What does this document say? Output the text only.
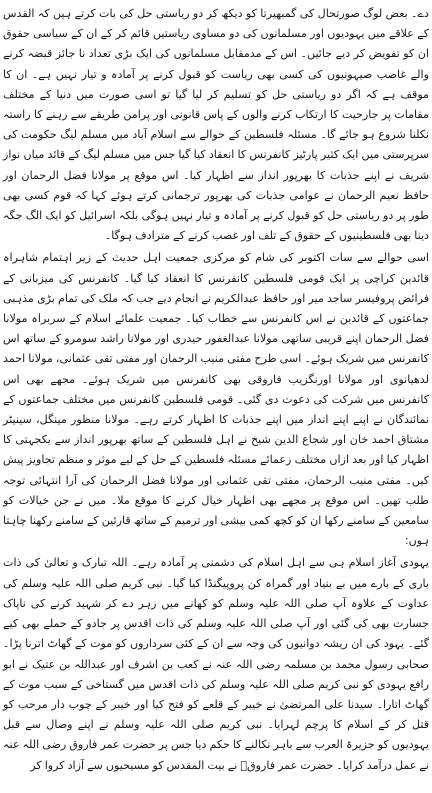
دے۔ بعض لوگ صورتحال کی گمبھیرتا کو دیکھ کر دو ریاستی حل کی بات کرتے ہیں کہ القدس کے علاقے میں یہودیوں اور مسلمانوں کی دو مساوی ریاستیں قائم کر کے ان کے سیاسی حقوق ان کو تفویض کر دیے جائیں۔ اس کے مدمقابل مسلمانوں کی ایک بڑی تعداد نا جائز قبضہ کرنے والے غاصب صیہونیوں کی کسی بھی ریاست کو قبول کرنے پر آمادہ و تیار نہیں ہے۔ ان کا موقف ہے کہ اگر دو ریاستی حل کو تسلیم کر لیا گیا تو اسی صورت میں دنیا کے مختلف مقامات پر جارحیت کا ارتکاب کرنے والوں کے پاس قانونی اور پرامن طریقے سے رہنے کا راستہ نکلنا شروع ہو جائے گا۔ مسئلہ فلسطین کے حوالے سے اسلام آباد میں مسلم لیگ حکومت کی سرپرستی میں ایک کثیر پارٹیز کانفرنس کا انعقاد کیا گیا جس میں مسلم لیگ کے قائد میاں نواز شریف نے اپنے جذبات کا بھرپور انداز سے اظہار کیا۔ اس موقع پر مولانا فضل الرحمان اور حافظ نعیم الرحمان نے عوامی جذبات کی بھرپور ترجمانی کرتے ہوئے کہا کہ قوم کسی بھی طور پر دو ریاستی حل کو قبول کرنے پر آمادہ و تیار نہیں ہوگی بلکہ اسرائیل کو ایک الگ جگہ دینا بھی فلسطینیوں کے حقوق کے تلف اور غصب کرنے کے مترادف ہوگا۔

اسی حوالے سے سات اکتوبر کی شام کو مرکزی جمعیت اہل حدیث کے زیر اہتمام شاہراہ قائدین کراچی پر ایک قومی فلسطین کانفرنس کا انعقاد کیا گیا۔ کانفرنس کی میزبانی کے فرائض پروفیسر ساجد میر اور حافظ عبدالکریم نے انجام دیے جب کہ ملک کی تمام بڑی مذہبی جماعتوں کے قائدین نے اس کانفرنس سے خطاب کیا۔ جمعیت علمائے اسلام کے سربراہ مولانا فضل الرحمان اپنے قریبی ساتھی مولانا عبدالغفور حیدری اور مولانا راشد سومرو کے ساتھ اس کانفرنس میں شریک ہوئے۔ اسی طرح مفتی منیب الرحمان اور مفتی تقی عثمانی، مولانا احمد لدھیانوی اور مولانا اورنگزیب فاروقی بھی کانفرنس میں شریک ہوئے۔ مجھے بھی اس کانفرنس میں شرکت کی دعوت دی گئی۔ قومی فلسطین کانفرنس میں مختلف جماعتوں کے نمائندگان نے اپنے اپنے انداز میں اپنے جذبات کا اظہار کرتے رہے۔ مولانا منظور مینگل، سینیٹر مشتاق احمد خان اور شجاع الدین شیخ نے اہل فلسطین کے ساتھ بھرپور انداز سے یکجہتی کا اظہار کیا اور بعد ازاں مختلف زعمائے مسئلہ فلسطین کے حل کے لیے موثر و منظم تجاویز پیش کیں۔ مفتی منیب الرحمان، مفتی تقی عثمانی اور مولانا فضل الرحمان کی آرا انتہائی توجہ طلب تھیں۔ اس موقع پر مجھے بھی اظہار خیال کرنے کا موقع ملا۔ میں نے جن خیالات کو سامعین کے سامنے رکھا ان کو کچھ کمی بیشی اور ترمیم کے ساتھ قارئین کے سامنے رکھنا چاہتا ہوں:

یہودی آغاز اسلام ہی سے اہل اسلام کی دشمنی پر آمادہ رہے۔ اللہ تبارک و تعالیٰ کی ذات باری کے بارے میں بے بنیاد اور گمراہ کن پروپیگنڈا کیا گیا۔ نبی کریم صلی اللہ علیہ وسلم کی عداوت کے علاوہ آپ صلی اللہ علیہ وسلم کو کھانے میں زہر دے کر شہید کرنے کی ناپاک جسارت بھی کی گئی اور آپ صلی اللہ علیہ وسلم کی ذات اقدس پر جادو کے حملے بھی کیے گئے۔ یہود کی ان ریشہ دوانیوں کی وجہ سے ان کے کئی سرداروں کو موت کے گھاٹ اترنا پڑا۔ صحابی رسول محمد بن مسلمہ رضی اللہ عنہ نے کعب بن اشرف اور عبداللہ بن عتیک نے ابو رافع یہودی کو نبی کریم صلی اللہ علیہ وسلم کی ذات اقدس میں گستاخی کے سبب موت کے گھاٹ اتارا۔ سیدنا علی المرتضیٰ نے خیبر کے قلعے کو فتح کیا اور خیبر کے چوب دار مرحب کو قتل کر کے اسلام کا پرچم لہرایا۔ نبی کریم صلی اللہ علیہ وسلم نے اپنے وصال سے قبل یہودیوں کو جزیرۃ العرب سے باہر نکالنے کا حکم دیا جس پر حضرت عمر فاروق رضی اللہ عنہ نے عمل درآمد کرایا۔ حضرت عمر فاروقؓ نے بیت المقدس کو مسیحیوں سے آزاد کروا کر
